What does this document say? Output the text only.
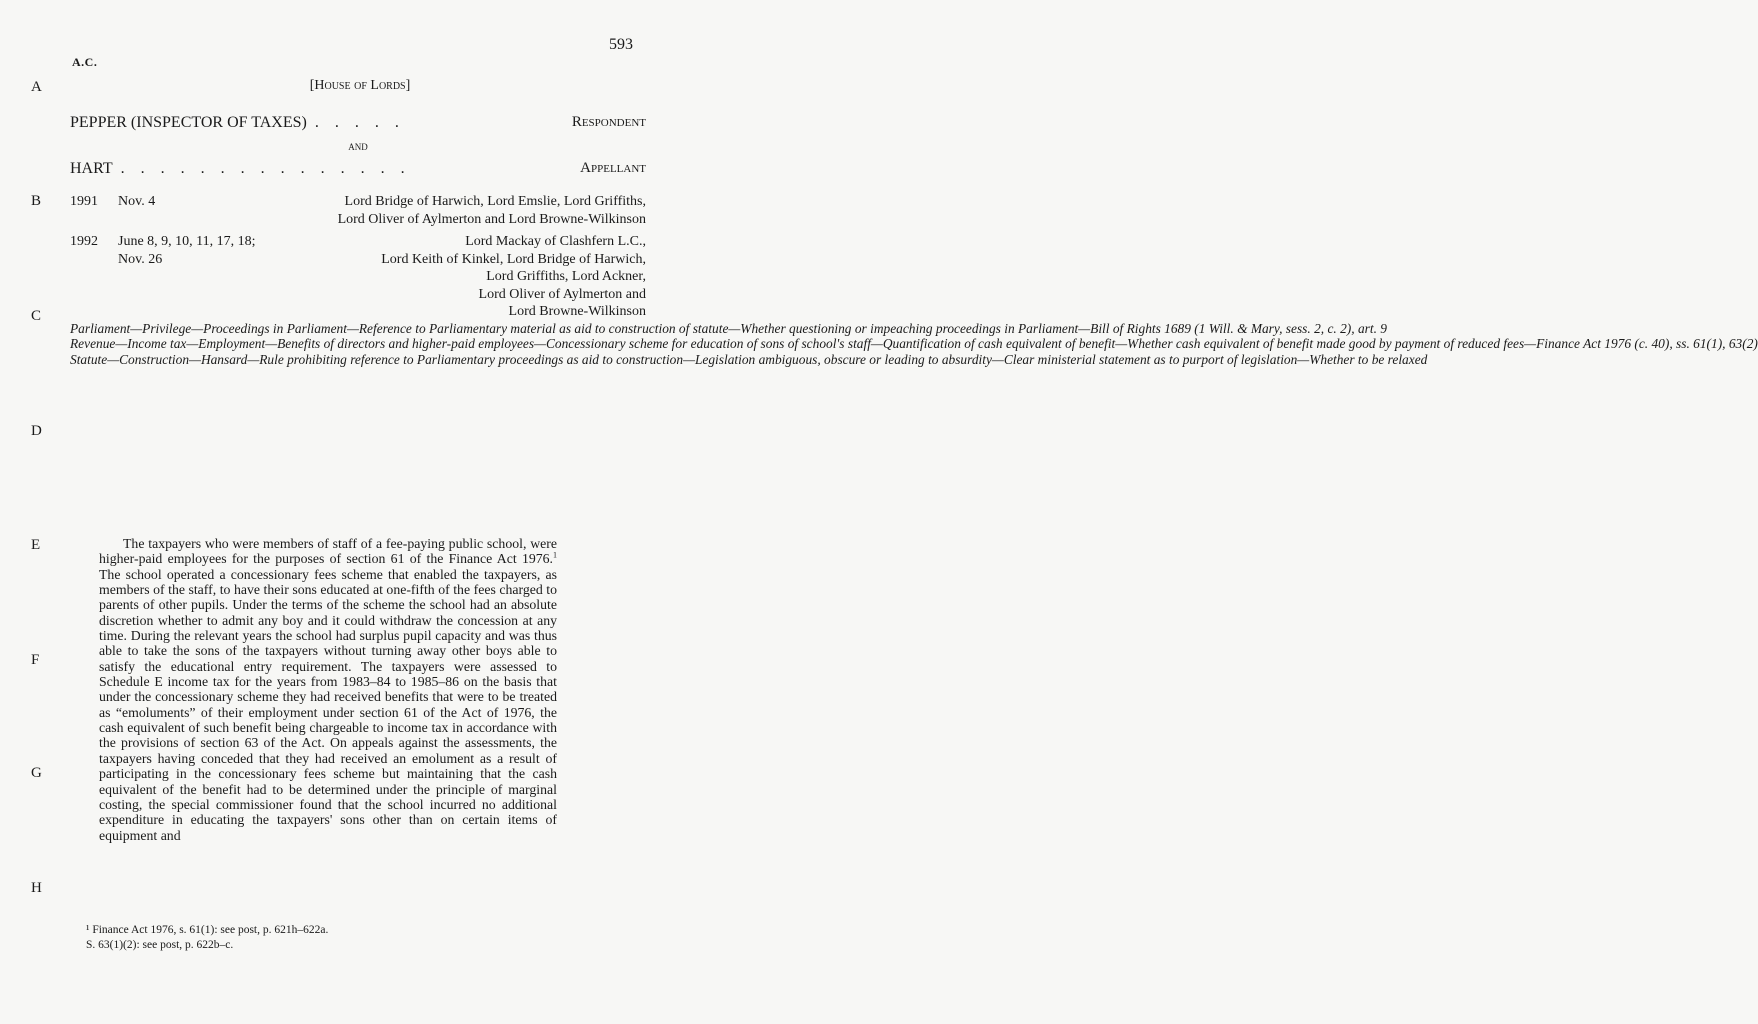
593
A.C.
[House of Lords]
A
B
C
D
E
F
G
H
PEPPER (INSPECTOR OF TAXES) . . . . .	Respondent
and
HART . . . . . . . . . . . . . . .	Appellant
1991 Nov. 4	Lord Bridge of Harwich, Lord Emslie, Lord Griffiths,
Lord Oliver of Aylmerton and Lord Browne-Wilkinson
1992 June 8, 9, 10, 11, 17, 18;
Nov. 26
Lord Mackay of Clashfern L.C.,
Lord Keith of Kinkel, Lord Bridge of Harwich,
Lord Griffiths, Lord Ackner,
Lord Oliver of Aylmerton and
Lord Browne-Wilkinson
Parliament—Privilege—Proceedings in Parliament—Reference to Parliamentary material as aid to construction of statute—Whether questioning or impeaching proceedings in Parliament—Bill of Rights 1689 (1 Will. & Mary, sess. 2, c. 2), art. 9
Revenue—Income tax—Employment—Benefits of directors and higher-paid employees—Concessionary scheme for education of sons of school's staff—Quantification of cash equivalent of benefit—Whether cash equivalent of benefit made good by payment of reduced fees—Finance Act 1976 (c. 40), ss. 61(1), 63(2)
Statute—Construction—Hansard—Rule prohibiting reference to Parliamentary proceedings as aid to construction—Legislation ambiguous, obscure or leading to absurdity—Clear ministerial statement as to purport of legislation—Whether to be relaxed
The taxpayers who were members of staff of a fee-paying public school, were higher-paid employees for the purposes of section 61 of the Finance Act 1976.$^1$ The school operated a concessionary fees scheme that enabled the taxpayers, as members of the staff, to have their sons educated at one-fifth of the fees charged to parents of other pupils. Under the terms of the scheme the school had an absolute discretion whether to admit any boy and it could withdraw the concession at any time. During the relevant years the school had surplus pupil capacity and was thus able to take the sons of the taxpayers without turning away other boys able to satisfy the educational entry requirement. The taxpayers were assessed to Schedule E income tax for the years from 1983–84 to 1985–86 on the basis that under the concessionary scheme they had received benefits that were to be treated as “emoluments” of their employment under section 61 of the Act of 1976, the cash equivalent of such benefit being chargeable to income tax in accordance with the provisions of section 63 of the Act. On appeals against the assessments, the taxpayers having conceded that they had received an emolument as a result of participating in the concessionary fees scheme but maintaining that the cash equivalent of the benefit had to be determined under the principle of marginal costing, the special commissioner found that the school incurred no additional expenditure in educating the taxpayers' sons other than on certain items of equipment and
¹ Finance Act 1976, s. 61(1): see post, p. 621h–622a.
S. 63(1)(2): see post, p. 622b–c.
